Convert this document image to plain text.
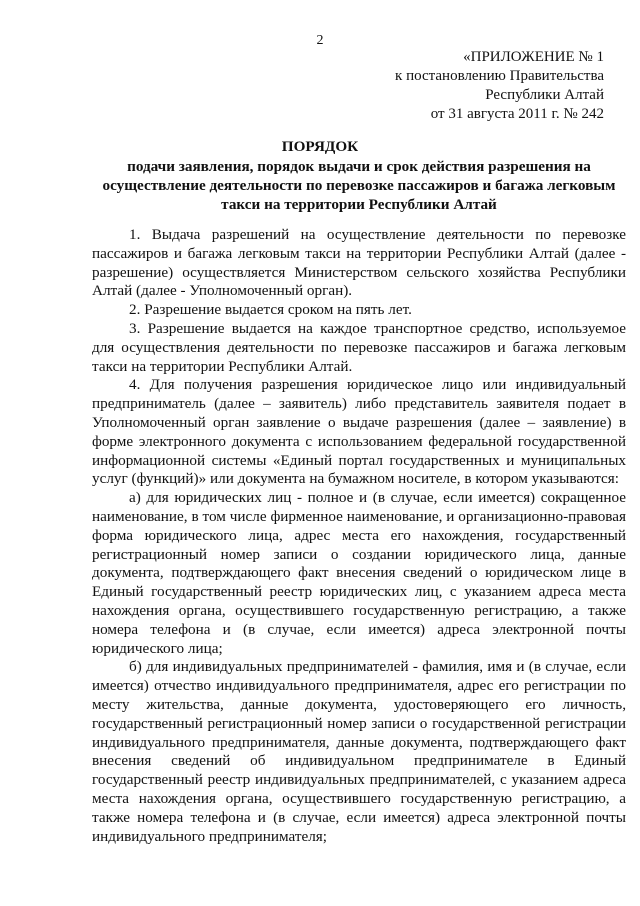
2
«ПРИЛОЖЕНИЕ № 1
к постановлению Правительства
Республики Алтай
от 31 августа 2011 г. № 242
ПОРЯДОК
подачи заявления, порядок выдачи и срок действия разрешения на осуществление деятельности по перевозке пассажиров и багажа легковым такси на территории Республики Алтай

1. Выдача разрешений на осуществление деятельности по перевозке пассажиров и багажа легковым такси на территории Республики Алтай (далее - разрешение) осуществляется Министерством сельского хозяйства Республики Алтай (далее - Уполномоченный орган).

2. Разрешение выдается сроком на пять лет.

3. Разрешение выдается на каждое транспортное средство, используемое для осуществления деятельности по перевозке пассажиров и багажа легковым такси на территории Республики Алтай.

4. Для получения разрешения юридическое лицо или индивидуальный предприниматель (далее – заявитель) либо представитель заявителя подает в Уполномоченный орган заявление о выдаче разрешения (далее – заявление) в форме электронного документа с использованием федеральной государственной информационной системы «Единый портал государственных и муниципальных услуг (функций)» или документа на бумажном носителе, в котором указываются:

а) для юридических лиц - полное и (в случае, если имеется) сокращенное наименование, в том числе фирменное наименование, и организационно-правовая форма юридического лица, адрес места его нахождения, государственный регистрационный номер записи о создании юридического лица, данные документа, подтверждающего факт внесения сведений о юридическом лице в Единый государственный реестр юридических лиц, с указанием адреса места нахождения органа, осуществившего государственную регистрацию, а также номера телефона и (в случае, если имеется) адреса электронной почты юридического лица;

б) для индивидуальных предпринимателей - фамилия, имя и (в случае, если имеется) отчество индивидуального предпринимателя, адрес его регистрации по месту жительства, данные документа, удостоверяющего его личность, государственный регистрационный номер записи о государственной регистрации индивидуального предпринимателя, данные документа, подтверждающего факт внесения сведений об индивидуальном предпринимателе в Единый государственный реестр индивидуальных предпринимателей, с указанием адреса места нахождения органа, осуществившего государственную регистрацию, а также номера телефона и (в случае, если имеется) адреса электронной почты индивидуального предпринимателя;
